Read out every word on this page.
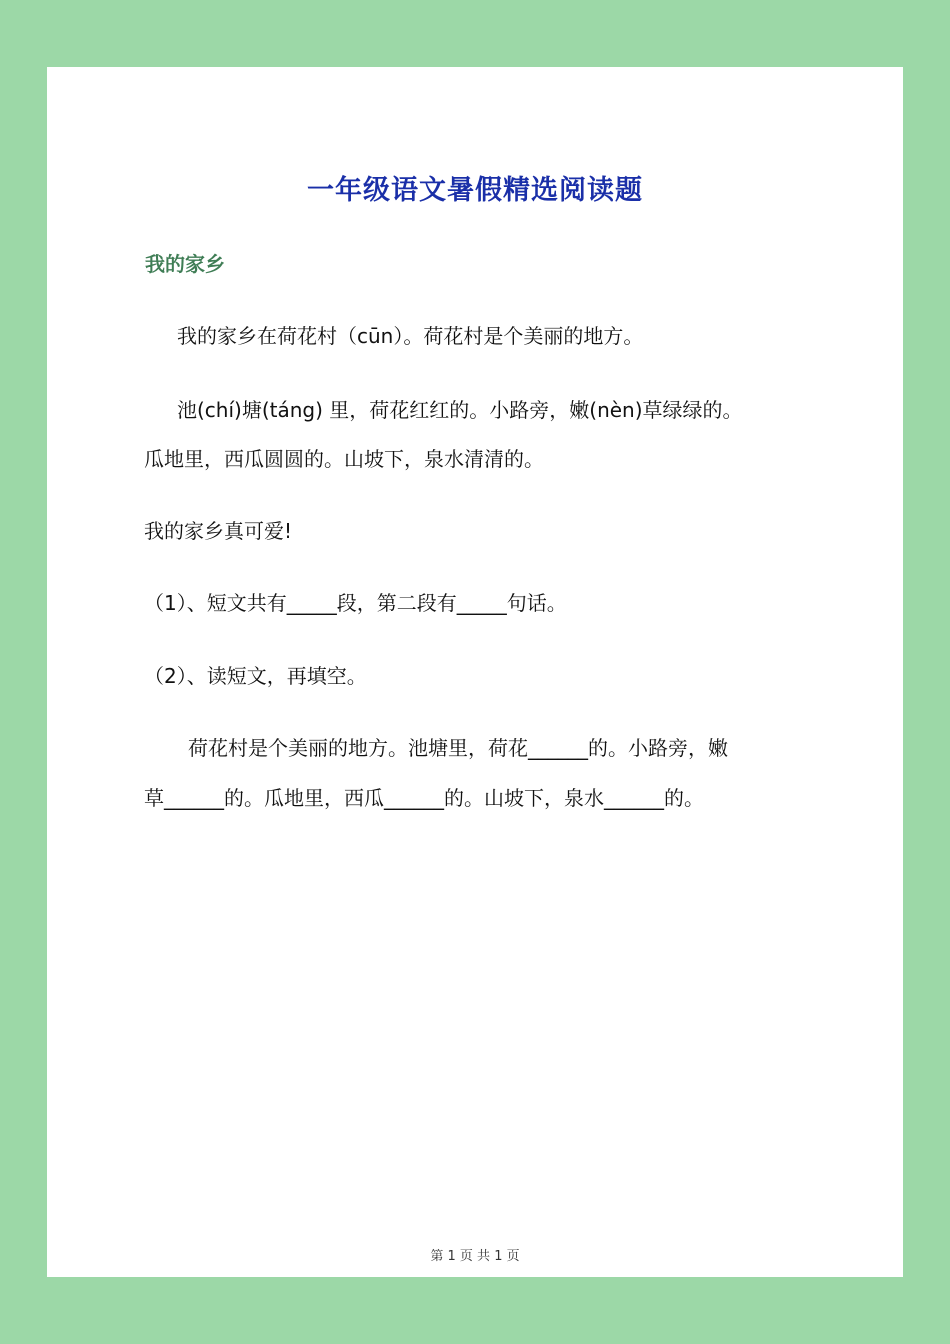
一年级语文暑假精选阅读题
我的家乡
我的家乡在荷花村（cūn）。荷花村是个美丽的地方。
池(chí)塘(táng) 里，荷花红红的。小路旁，嫩(nèn)草绿绿的。
瓜地里，西瓜圆圆的。山坡下，泉水清清的。
我的家乡真可爱!
（1）、短文共有_____段，第二段有_____句话。
（2）、读短文，再填空。
荷花村是个美丽的地方。池塘里，荷花______的。小路旁，嫩
草______的。瓜地里，西瓜______的。山坡下，泉水______的。
第 1 页 共 1 页
